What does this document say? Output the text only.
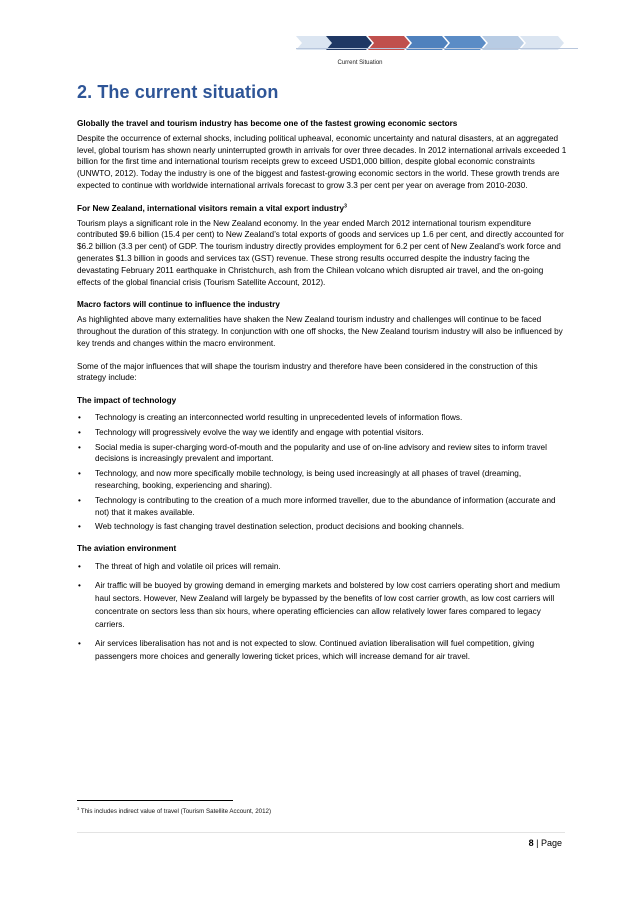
Current Situation
2. The current situation

Globally the travel and tourism industry has become one of the fastest growing economic sectors

Despite the occurrence of external shocks, including political upheaval, economic uncertainty and natural disasters, at an aggregated level, global tourism has shown nearly uninterrupted growth in arrivals for over three decades. In 2012 international arrivals exceeded 1 billion for the first time and international tourism receipts grew to exceed USD1,000 billion, despite global economic constraints (UNWTO, 2012). Today the industry is one of the biggest and fastest-growing economic sectors in the world. These growth trends are expected to continue with worldwide international arrivals forecast to grow 3.3 per cent per year on average from 2010-2030.

For New Zealand, international visitors remain a vital export industry$^3$

Tourism plays a significant role in the New Zealand economy. In the year ended March 2012 international tourism expenditure contributed $9.6 billion (15.4 per cent) to New Zealand’s total exports of goods and services up 1.6 per cent, and directly accounted for $6.2 billion (3.3 per cent) of GDP. The tourism industry directly provides employment for 6.2 per cent of New Zealand’s work force and generates $1.3 billion in goods and services tax (GST) revenue. These strong results occurred despite the industry facing the devastating February 2011 earthquake in Christchurch, ash from the Chilean volcano which disrupted air travel, and the on-going effects of the global financial crisis (Tourism Satellite Account, 2012).

Macro factors will continue to influence the industry

As highlighted above many externalities have shaken the New Zealand tourism industry and challenges will continue to be faced throughout the duration of this strategy. In conjunction with one off shocks, the New Zealand tourism industry will also be influenced by key trends and changes within the macro environment.

Some of the major influences that will shape the tourism industry and therefore have been considered in the construction of this strategy include:

The impact of technology

• Technology is creating an interconnected world resulting in unprecedented levels of information flows.
• Technology will progressively evolve the way we identify and engage with potential visitors.
• Social media is super-charging word-of-mouth and the popularity and use of on-line advisory and review sites to inform travel decisions is increasingly prevalent and important.
• Technology, and now more specifically mobile technology, is being used increasingly at all phases of travel (dreaming, researching, booking, experiencing and sharing).
• Technology is contributing to the creation of a much more informed traveller, due to the abundance of information (accurate and not) that it makes available.
• Web technology is fast changing travel destination selection, product decisions and booking channels.

The aviation environment

• The threat of high and volatile oil prices will remain.
• Air traffic will be buoyed by growing demand in emerging markets and bolstered by low cost carriers operating short and medium haul sectors. However, New Zealand will largely be bypassed by the benefits of low cost carrier growth, as low cost carriers will concentrate on sectors less than six hours, where operating efficiencies can allow relatively lower fares compared to legacy carriers.
• Air services liberalisation has not and is not expected to slow. Continued aviation liberalisation will fuel competition, giving passengers more choices and generally lowering ticket prices, which will increase demand for air travel.
$^3$ This includes indirect value of travel (Tourism Satellite Account, 2012)
8 | Page
